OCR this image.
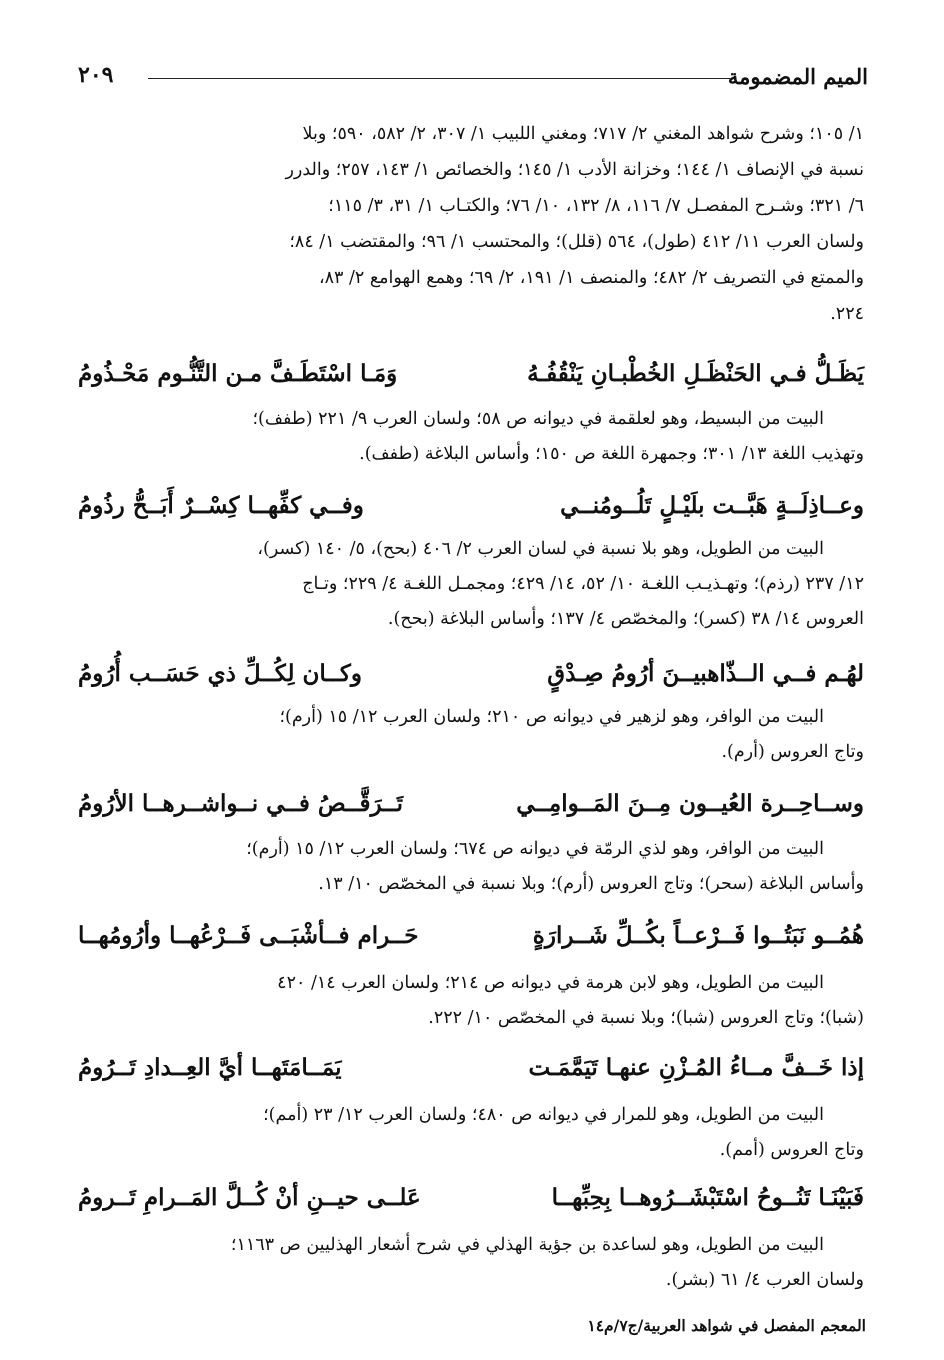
الميم المضمومة
٢٠٩

١/ ١٠٥؛ وشرح شواهد المغني ٢/ ٧١٧؛ ومغني اللبيب ١/ ٣٠٧، ٢/ ٥٨٢، ٥٩٠؛ وبلا

نسبة في الإنصاف ١/ ١٤٤؛ وخزانة الأدب ١/ ١٤٥؛ والخصائص ١/ ١٤٣، ٢٥٧؛ والدرر

٦/ ٣٢١؛ وشـرح المفصـل ٧/ ١١٦، ٨/ ١٣٢، ١٠/ ٧٦؛ والكتـاب ١/ ٣١، ٣/ ١١٥؛

ولسان العرب ١١/ ٤١٢ (طول)، ٥٦٤ (قلل)؛ والمحتسب ١/ ٩٦؛ والمقتضب ١/ ٨٤؛

والممتع في التصريف ٢/ ٤٨٢؛ والمنصف ١/ ١٩١، ٢/ ٦٩؛ وهمع الهوامع ٢/ ٨٣،

٢٢٤.

يَظَـلُّ فـي الحَنْظَـلِ الخُطْبـانِ يَنْقُفُـهُ
وَمَـا اسْتَطَـفَّ مـن التَّنُّـوم مَحْـذُومُ

البيت من البسيط، وهو لعلقمة في ديوانه ص ٥٨؛ ولسان العرب ٩/ ٢٢١ (طفف)؛

وتهذيب اللغة ١٣/ ٣٠١؛ وجمهرة اللغة ص ١٥٠؛ وأساس البلاغة (طفف).

وعــاذِلَــةٍ هَبَّــت بلَيْـلٍ تَلُــومُنــي
وفــي كفِّهــا كِسْــرٌ أَبَــحُّ رذُومُ

البيت من الطويل، وهو بلا نسبة في لسان العرب ٢/ ٤٠٦ (بحح)، ٥/ ١٤٠ (كسر)،

١٢/ ٢٣٧ (رذم)؛ وتهـذيـب اللغـة ١٠/ ٥٢، ١٤/ ٤٢٩؛ ومجمـل اللغـة ٤/ ٢٢٩؛ وتـاج

العروس ١٤/ ٣٨ (كسر)؛ والمخصّص ٤/ ١٣٧؛ وأساس البلاغة (بحح).

لهُـم فــي الــذّاهبيــنَ أرُومُ صِـدْقٍ
وكــان لِكُــلِّ ذي حَسَــب أُرُومُ

البيت من الوافر، وهو لزهير في ديوانه ص ٢١٠؛ ولسان العرب ١٢/ ١٥ (أرم)؛

وتاج العروس (أرم).

وســاحِــرة العُيــون مِــنَ المَــوامِــي
تَــرَقَّــصُ فــي نــواشــرهــا الأرُومُ

البيت من الوافر، وهو لذي الرمّة في ديوانه ص ٦٧٤؛ ولسان العرب ١٢/ ١٥ (أرم)؛

وأساس البلاغة (سحر)؛ وتاج العروس (أرم)؛ وبلا نسبة في المخصّص ١٠/ ١٣.

هُمُــو نَبَتُــوا فَــرْعــاً بكُــلِّ شَــرارَةٍ
حَــرام فــأشْبَــى فَــرْعُهــا وأرُومُهــا

البيت من الطويل، وهو لابن هرمة في ديوانه ص ٢١٤؛ ولسان العرب ١٤/ ٤٢٠

(شبا)؛ وتاج العروس (شبا)؛ وبلا نسبة في المخصّص ١٠/ ٢٢٢.

إذا خَــفَّ مــاءُ المُـزْنِ عنهـا تَيَمَّمَـت
يَمَــامَتَهــا أيَّ العِــدادِ تَــرُومُ

البيت من الطويل، وهو للمرار في ديوانه ص ٤٨٠؛ ولسان العرب ١٢/ ٢٣ (أمم)؛

وتاج العروس (أمم).

فَبَيْنَـا تَنُــوحُ اسْتَبْشَــرُوهــا بِحِبِّهــا
عَلــى حيــنِ أنْ كُــلَّ المَــرامِ تَــرومُ

البيت من الطويل، وهو لساعدة بن جؤية الهذلي في شرح أشعار الهذليين ص ١١٦٣؛

ولسان العرب ٤/ ٦١ (بشر).

المعجم المفصل في شواهد العربية/ج٧/م١٤
